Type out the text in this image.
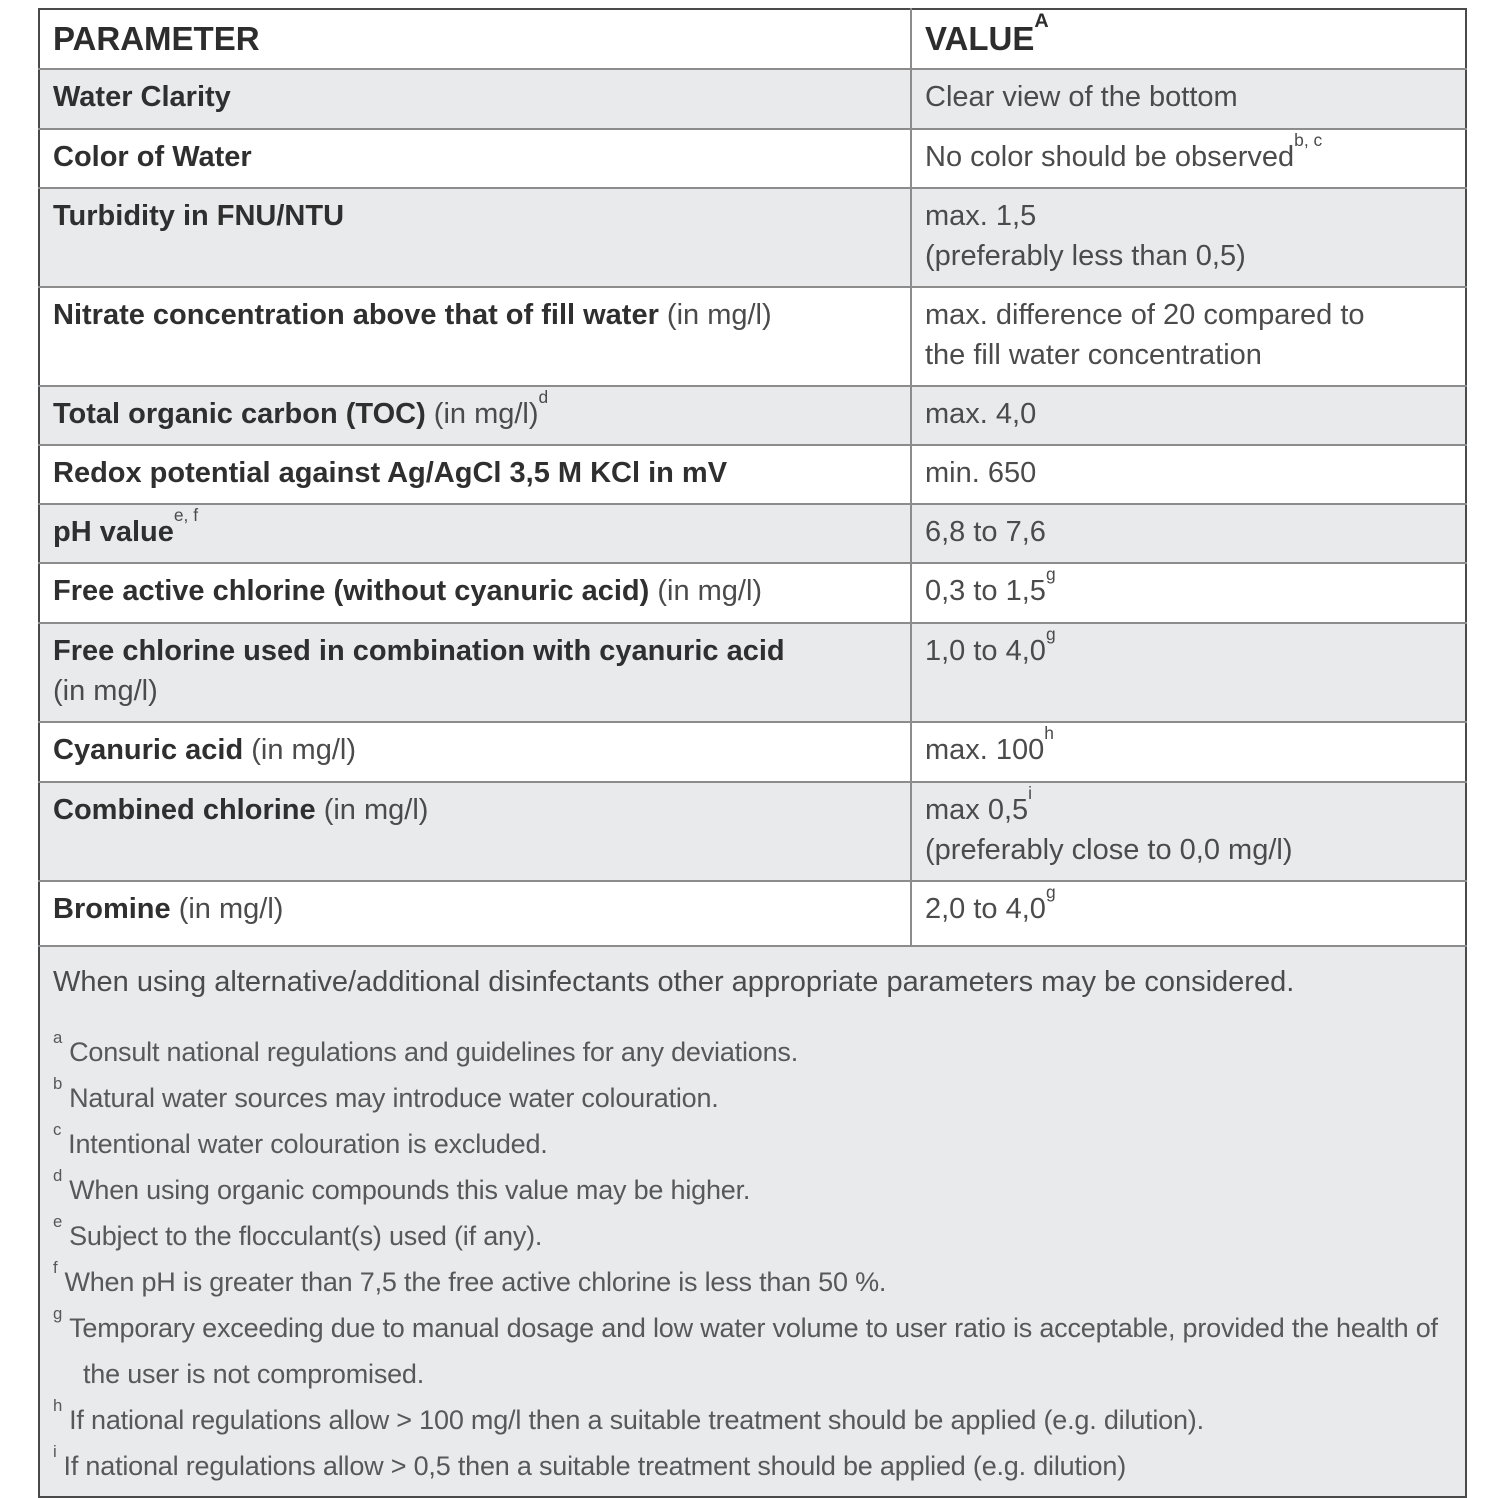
PARAMETER	$VALUE^A$
Water Clarity	Clear view of the bottom
Color of Water	No color should be observed$^{b, c}$
Turbidity in FNU/NTU	max. 1,5
(preferably less than 0,5)
Nitrate concentration above that of fill water (in mg/l)	max. difference of 20 compared to
the fill water concentration
Total organic carbon (TOC) (in mg/l)$^d$	max. 4,0
Redox potential against Ag/AgCl 3,5 M KCl in mV	min. 650
pH value$^{e, f}$	6,8 to 7,6
Free active chlorine (without cyanuric acid) (in mg/l)	0,3 to 1,5$^g$
Free chlorine used in combination with cyanuric acid
(in mg/l)	1,0 to 4,0$^g$
Cyanuric acid (in mg/l)	max. 100$^h$
Combined chlorine (in mg/l)	max 0,5$^i$
(preferably close to 0,0 mg/l)
Bromine (in mg/l)	2,0 to 4,0$^g$

When using alternative/additional disinfectants other appropriate parameters may be considered.
$^a$ Consult national regulations and guidelines for any deviations.
$^b$ Natural water sources may introduce water colouration.
$^c$ Intentional water colouration is excluded.
$^d$ When using organic compounds this value may be higher.
$^e$ Subject to the flocculant(s) used (if any).
$^f$ When pH is greater than 7,5 the free active chlorine is less than 50 %.
$^g$ Temporary exceeding due to manual dosage and low water volume to user ratio is acceptable, provided the health of the user is not compromised.
$^h$ If national regulations allow > 100 mg/l then a suitable treatment should be applied (e.g. dilution).
$^i$ If national regulations allow > 0,5 then a suitable treatment should be applied (e.g. dilution)
